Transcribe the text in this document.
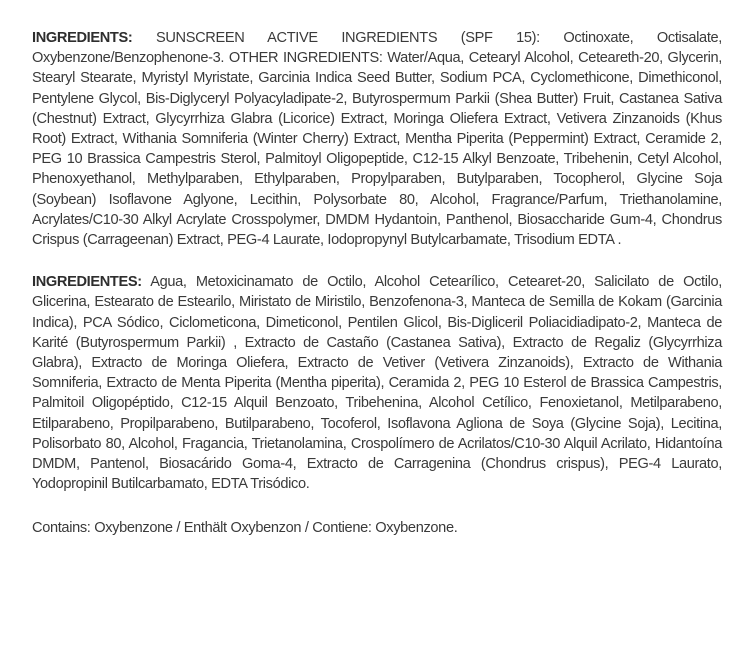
INGREDIENTS: SUNSCREEN ACTIVE INGREDIENTS (SPF 15): Octinoxate, Octisalate, Oxybenzone/Benzophenone-3. OTHER INGREDIENTS: Water/Aqua, Cetearyl Alcohol, Ceteareth-20, Glycerin, Stearyl Stearate, Myristyl Myristate, Garcinia Indica Seed Butter, Sodium PCA, Cyclomethicone, Dimethiconol, Pentylene Glycol, Bis-Diglyceryl Polyacyladipate-2, Butyrospermum Parkii (Shea Butter) Fruit, Castanea Sativa (Chestnut) Extract, Glycyrrhiza Glabra (Licorice) Extract, Moringa Oliefera Extract, Vetivera Zinzanoids (Khus Root) Extract, Withania Somniferia (Winter Cherry) Extract, Mentha Piperita (Peppermint) Extract, Ceramide 2, PEG 10 Brassica Campestris Sterol, Palmitoyl Oligopeptide, C12-15 Alkyl Benzoate, Tribehenin, Cetyl Alcohol, Phenoxyethanol, Methylparaben, Ethylparaben, Propylparaben, Butylparaben, Tocopherol, Glycine Soja (Soybean) Isoflavone Aglyone, Lecithin, Polysorbate 80, Alcohol, Fragrance/Parfum, Triethanolamine, Acrylates/C10-30 Alkyl Acrylate Crosspolymer, DMDM Hydantoin, Panthenol, Biosaccharide Gum-4, Chondrus Crispus (Carrageenan) Extract, PEG-4 Laurate, Iodopropynyl Butylcarbamate, Trisodium EDTA .

INGREDIENTES: Agua, Metoxicinamato de Octilo, Alcohol Cetearílico, Cetearet-20, Salicilato de Octilo, Glicerina, Estearato de Estearilo, Miristato de Miristilo, Benzofenona-3, Manteca de Semilla de Kokam (Garcinia Indica), PCA Sódico, Ciclometicona, Dimeticonol, Pentilen Glicol, Bis-Digliceril Poliacidiadipato-2, Manteca de Karité (Butyrospermum Parkii) , Extracto de Castaño (Castanea Sativa), Extracto de Regaliz (Glycyrrhiza Glabra), Extracto de Moringa Oliefera, Extracto de Vetiver (Vetivera Zinzanoids), Extracto de Withania Somniferia, Extracto de Menta Piperita (Mentha piperita), Ceramida 2, PEG 10 Esterol de Brassica Campestris, Palmitoil Oligopéptido, C12-15 Alquil Benzoato, Tribehenina, Alcohol Cetílico, Fenoxietanol, Metilparabeno, Etilparabeno, Propilparabeno, Butilparabeno, Tocoferol, Isoflavona Agliona de Soya (Glycine Soja), Lecitina, Polisorbato 80, Alcohol, Fragancia, Trietanolamina, Crospolímero de Acrilatos/C10-30 Alquil Acrilato, Hidantoína DMDM, Pantenol, Biosacárido Goma-4, Extracto de Carragenina (Chondrus crispus), PEG-4 Laurato, Yodopropinil Butilcarbamato, EDTA Trisódico.

Contains: Oxybenzone / Enthält Oxybenzon / Contiene: Oxybenzone.
